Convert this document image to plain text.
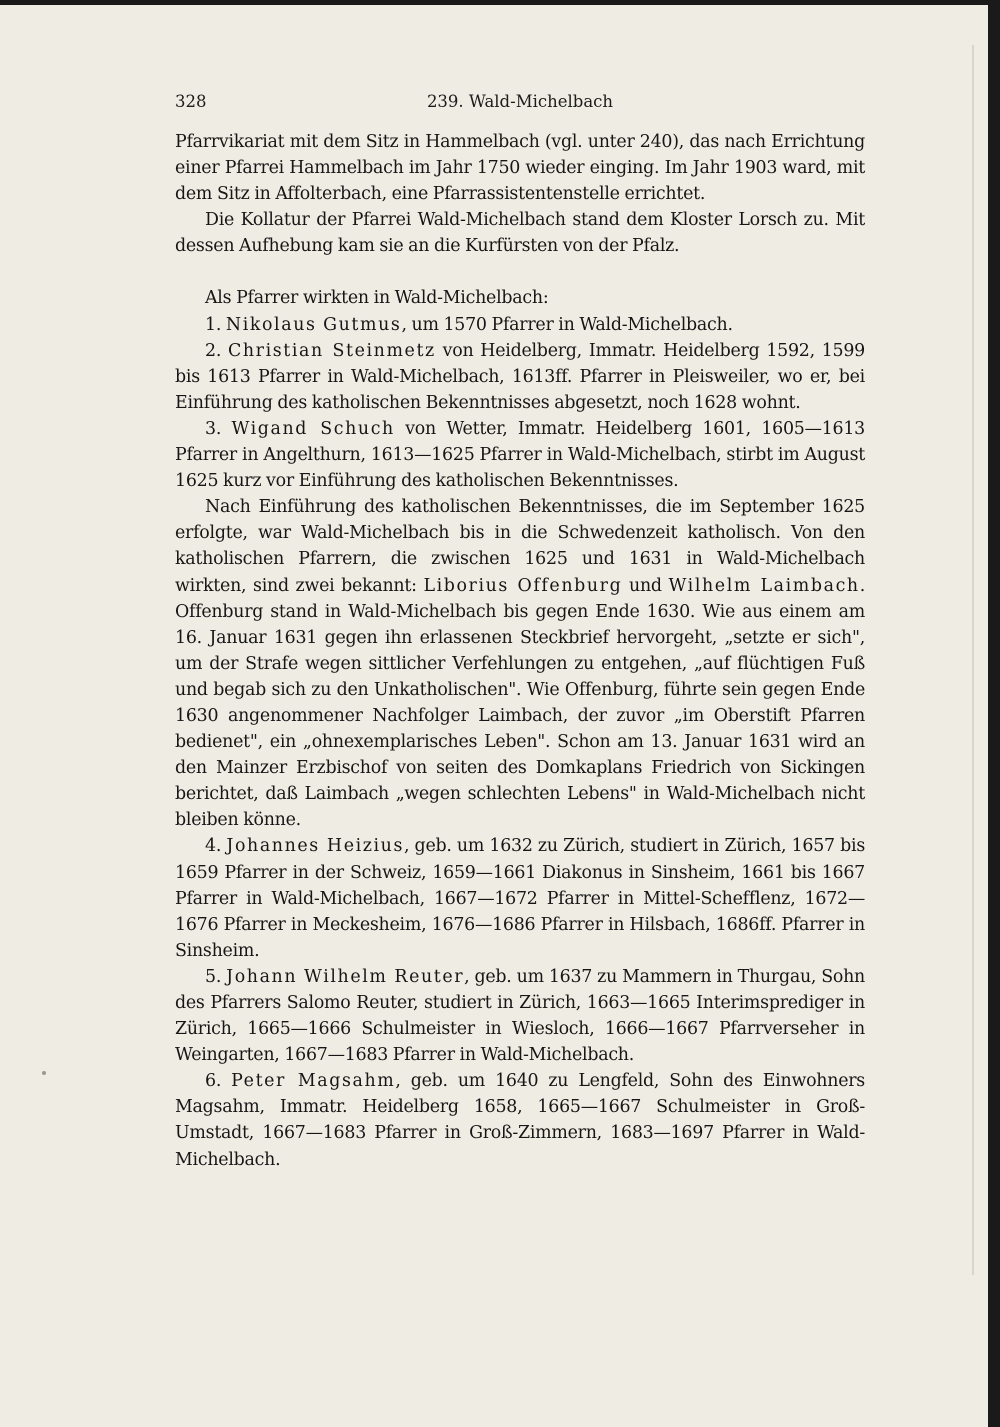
328	239. Wald-Michelbach

Pfarrvikariat mit dem Sitz in Hammelbach (vgl. unter 240), das nach Errichtung einer Pfarrei Hammelbach im Jahr 1750 wieder einging. Im Jahr 1903 ward, mit dem Sitz in Affolterbach, eine Pfarrassistentenstelle errichtet.

Die Kollatur der Pfarrei Wald-Michelbach stand dem Kloster Lorsch zu. Mit dessen Aufhebung kam sie an die Kurfürsten von der Pfalz.

Als Pfarrer wirkten in Wald-Michelbach:

1. Nikolaus Gutmus, um 1570 Pfarrer in Wald-Michelbach.

2. Christian Steinmetz von Heidelberg, Immatr. Heidelberg 1592, 1599 bis 1613 Pfarrer in Wald-Michelbach, 1613ff. Pfarrer in Pleisweiler, wo er, bei Einführung des katholischen Bekenntnisses abgesetzt, noch 1628 wohnt.

3. Wigand Schuch von Wetter, Immatr. Heidelberg 1601, 1605—1613 Pfarrer in Angelthurn, 1613—1625 Pfarrer in Wald-Michelbach, stirbt im August 1625 kurz vor Einführung des katholischen Bekenntnisses.

Nach Einführung des katholischen Bekenntnisses, die im September 1625 erfolgte, war Wald-Michelbach bis in die Schwedenzeit katholisch. Von den katholischen Pfarrern, die zwischen 1625 und 1631 in Wald-Michelbach wirkten, sind zwei bekannt: Liborius Offenburg und Wilhelm Laimbach. Offenburg stand in Wald-Michelbach bis gegen Ende 1630. Wie aus einem am 16. Januar 1631 gegen ihn erlassenen Steckbrief hervorgeht, „setzte er sich", um der Strafe wegen sittlicher Verfehlungen zu entgehen, „auf flüchtigen Fuß und begab sich zu den Unkatholischen". Wie Offenburg, führte sein gegen Ende 1630 angenommener Nachfolger Laimbach, der zuvor „im Oberstift Pfarren bedienet", ein „ohnexemplarisches Leben". Schon am 13. Januar 1631 wird an den Mainzer Erzbischof von seiten des Domkaplans Friedrich von Sickingen berichtet, daß Laimbach „wegen schlechten Lebens" in Wald-Michelbach nicht bleiben könne.

4. Johannes Heizius, geb. um 1632 zu Zürich, studiert in Zürich, 1657 bis 1659 Pfarrer in der Schweiz, 1659—1661 Diakonus in Sinsheim, 1661 bis 1667 Pfarrer in Wald-Michelbach, 1667—1672 Pfarrer in Mittel-Schefflenz, 1672—1676 Pfarrer in Meckesheim, 1676—1686 Pfarrer in Hilsbach, 1686ff. Pfarrer in Sinsheim.

5. Johann Wilhelm Reuter, geb. um 1637 zu Mammern in Thurgau, Sohn des Pfarrers Salomo Reuter, studiert in Zürich, 1663—1665 Interimsprediger in Zürich, 1665—1666 Schulmeister in Wiesloch, 1666—1667 Pfarrverseher in Weingarten, 1667—1683 Pfarrer in Wald-Michelbach.

6. Peter Magsahm, geb. um 1640 zu Lengfeld, Sohn des Einwohners Magsahm, Immatr. Heidelberg 1658, 1665—1667 Schulmeister in Groß-Umstadt, 1667—1683 Pfarrer in Groß-Zimmern, 1683—1697 Pfarrer in Wald-Michelbach.
